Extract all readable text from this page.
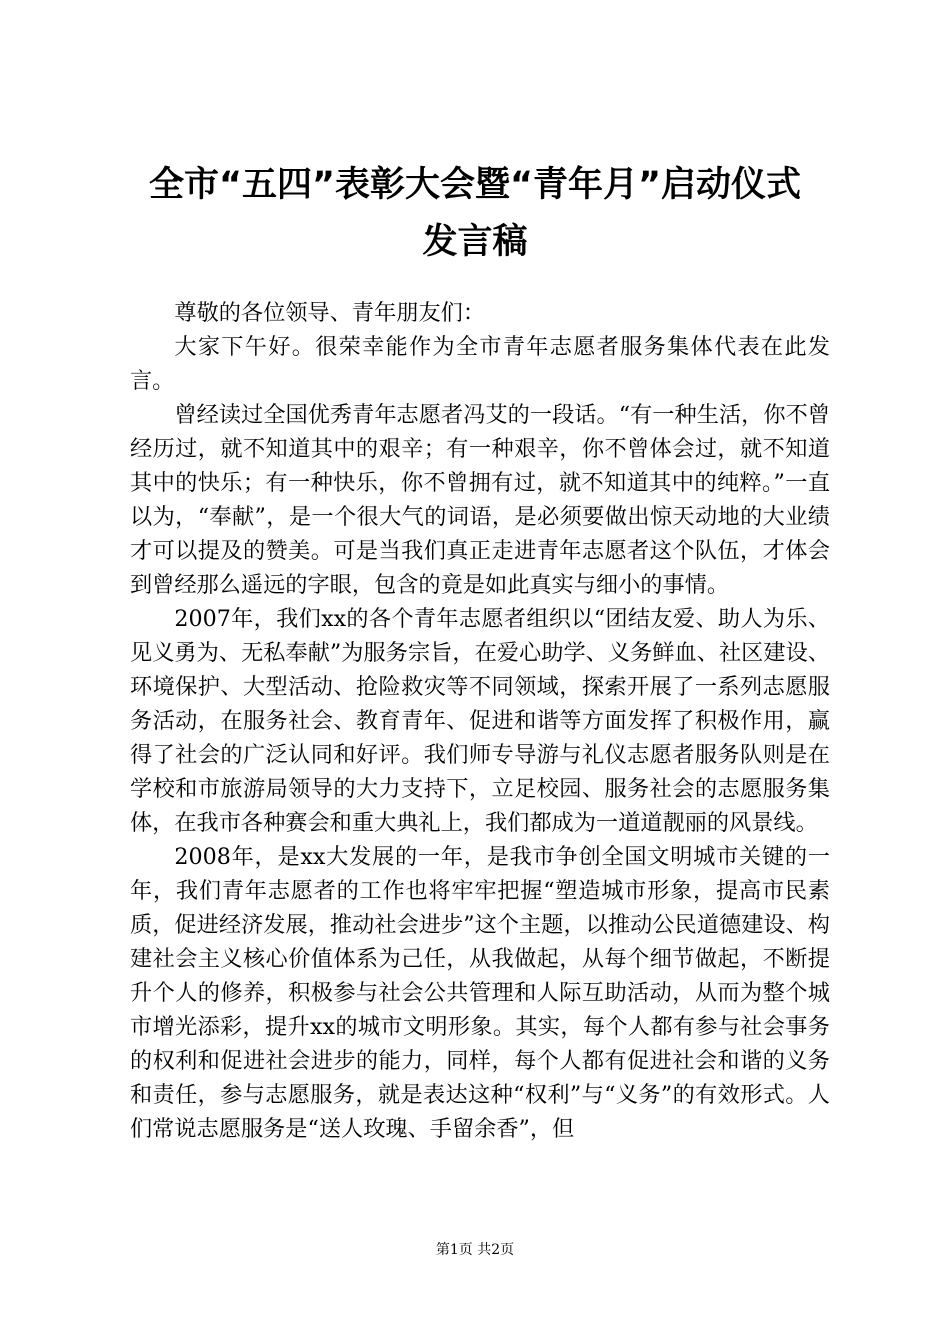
全市“五四”表彰大会暨“青年月”启动仪式
发言稿

尊敬的各位领导、青年朋友们：

大家下午好。很荣幸能作为全市青年志愿者服务集体代表在此发言。

曾经读过全国优秀青年志愿者冯艾的一段话。“有一种生活，你不曾经历过，就不知道其中的艰辛；有一种艰辛，你不曾体会过，就不知道其中的快乐；有一种快乐，你不曾拥有过，就不知道其中的纯粹。”一直以为，“奉献”，是一个很大气的词语，是必须要做出惊天动地的大业绩才可以提及的赞美。可是当我们真正走进青年志愿者这个队伍，才体会到曾经那么遥远的字眼，包含的竟是如此真实与细小的事情。

2007年，我们xx的各个青年志愿者组织以“团结友爱、助人为乐、见义勇为、无私奉献”为服务宗旨，在爱心助学、义务鲜血、社区建设、环境保护、大型活动、抢险救灾等不同领域，探索开展了一系列志愿服务活动，在服务社会、教育青年、促进和谐等方面发挥了积极作用，赢得了社会的广泛认同和好评。我们师专导游与礼仪志愿者服务队则是在学校和市旅游局领导的大力支持下，立足校园、服务社会的志愿服务集体，在我市各种赛会和重大典礼上，我们都成为一道道靓丽的风景线。

2008年，是xx大发展的一年，是我市争创全国文明城市关键的一年，我们青年志愿者的工作也将牢牢把握“塑造城市形象，提高市民素质，促进经济发展，推动社会进步”这个主题，以推动公民道德建设、构建社会主义核心价值体系为己任，从我做起，从每个细节做起，不断提升个人的修养，积极参与社会公共管理和人际互助活动，从而为整个城市增光添彩，提升xx的城市文明形象。其实，每个人都有参与社会事务的权利和促进社会进步的能力，同样，每个人都有促进社会和谐的义务和责任，参与志愿服务，就是表达这种“权利”与“义务”的有效形式。人们常说志愿服务是“送人玫瑰、手留余香”，但

第1页 共2页
